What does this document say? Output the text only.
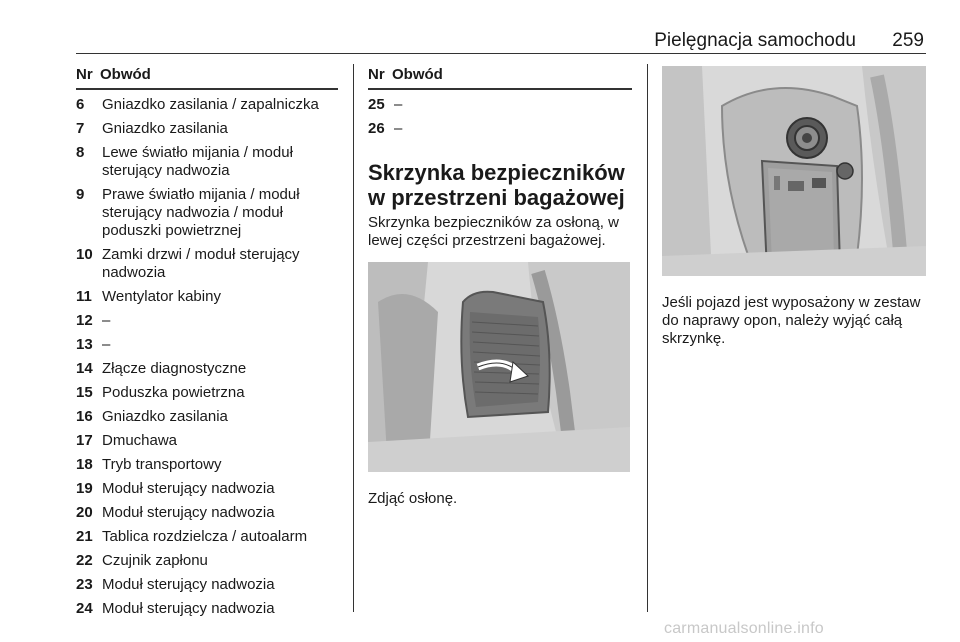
Pielęgnacja samochodu 259
Nr Obwód
6	Gniazdko zasilania / zapalniczka
7	Gniazdko zasilania
8	Lewe światło mijania / moduł sterujący nadwozia
9	Prawe światło mijania / moduł sterujący nadwozia / moduł poduszki powietrznej
10 Zamki drzwi / moduł sterujący nadwozia
11 Wentylator kabiny
12 –
13 –
14 Złącze diagnostyczne
15 Poduszka powietrzna
16 Gniazdko zasilania
17 Dmuchawa
18 Tryb transportowy
19 Moduł sterujący nadwozia
20 Moduł sterujący nadwozia
21 Tablica rozdzielcza / autoalarm
22 Czujnik zapłonu
23 Moduł sterujący nadwozia
24 Moduł sterujący nadwozia
Nr Obwód
25 –
26 –
Skrzynka bezpieczników w przestrzeni bagażowej

Skrzynka bezpieczników za osłoną, w lewej części przestrzeni bagażowej.

Zdjąć osłonę.

Jeśli pojazd jest wyposażony w zestaw do naprawy opon, należy wyjąć całą skrzynkę.

carmanualsonline.info
